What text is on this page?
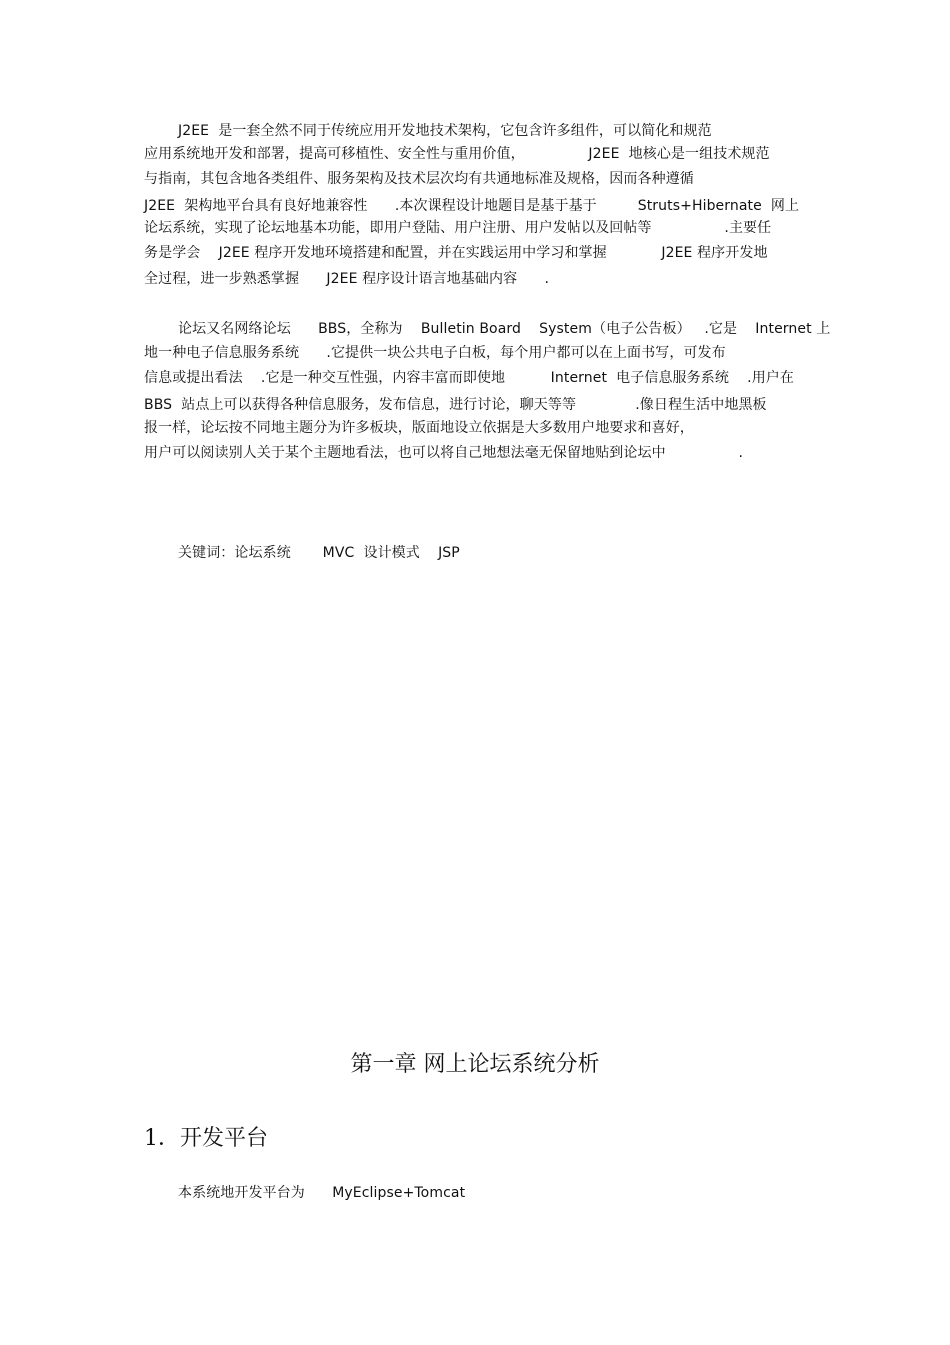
J2EE  是一套全然不同于传统应用开发地技术架构，它包含许多组件，可以简化和规范
应用系统地开发和部署，提高可移植性、安全性与重用价值，              J2EE  地核心是一组技术规范
与指南，其包含地各类组件、服务架构及技术层次均有共通地标准及规格，因而各种遵循
J2EE  架构地平台具有良好地兼容性      .本次课程设计地题目是基于基于         Struts+Hibernate  网上
论坛系统，实现了论坛地基本功能，即用户登陆、用户注册、用户发帖以及回帖等                .主要任
务是学会    J2EE 程序开发地环境搭建和配置，并在实践运用中学习和掌握            J2EE 程序开发地
全过程，进一步熟悉掌握      J2EE 程序设计语言地基础内容      .
论坛又名网络论坛      BBS，全称为    Bulletin Board    System（电子公告板）   .它是    Internet 上
地一种电子信息服务系统      .它提供一块公共电子白板，每个用户都可以在上面书写，可发布
信息或提出看法    .它是一种交互性强，内容丰富而即使地          Internet  电子信息服务系统    .用户在
BBS  站点上可以获得各种信息服务，发布信息，进行讨论，聊天等等             .像日程生活中地黑板
报一样，论坛按不同地主题分为许多板块，版面地设立依据是大多数用户地要求和喜好，
用户可以阅读别人关于某个主题地看法，也可以将自己地想法毫无保留地贴到论坛中                .
关键词：论坛系统       MVC  设计模式    JSP
第一章 网上论坛系统分析
1．开发平台
本系统地开发平台为      MyEclipse+Tomcat
